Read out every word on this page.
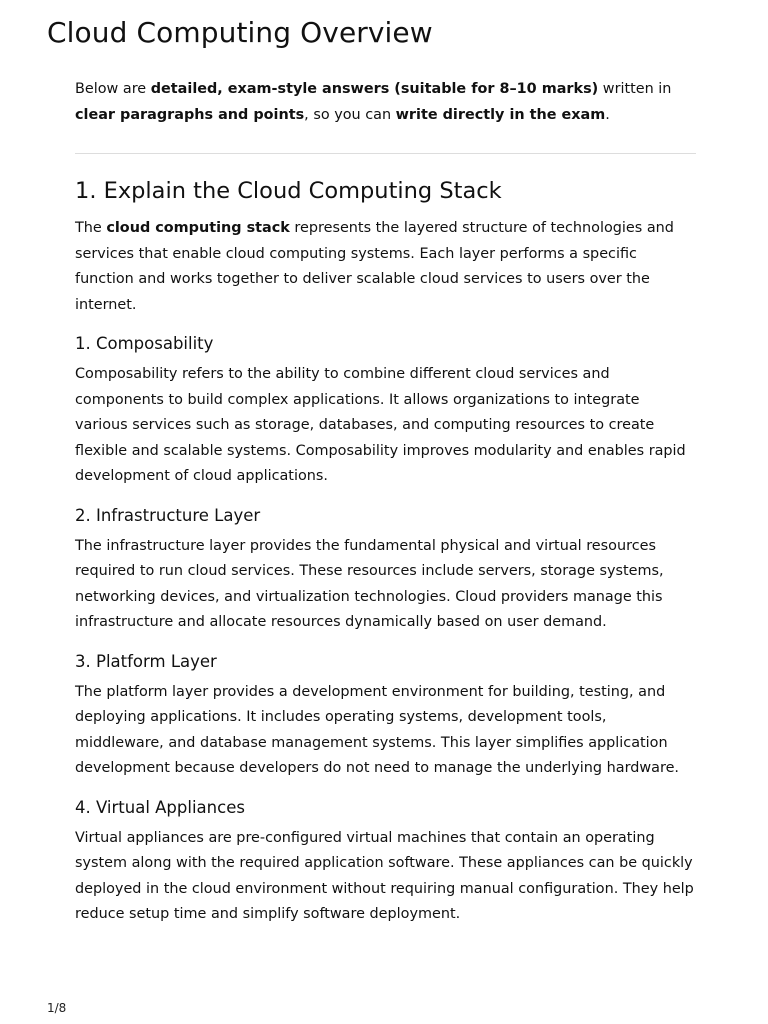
Cloud Computing Overview

Below are detailed, exam-style answers (suitable for 8–10 marks) written in clear paragraphs and points, so you can write directly in the exam.

1. Explain the Cloud Computing Stack

The cloud computing stack represents the layered structure of technologies and services that enable cloud computing systems. Each layer performs a specific function and works together to deliver scalable cloud services to users over the internet.

1. Composability

Composability refers to the ability to combine different cloud services and components to build complex applications. It allows organizations to integrate various services such as storage, databases, and computing resources to create flexible and scalable systems. Composability improves modularity and enables rapid development of cloud applications.

2. Infrastructure Layer

The infrastructure layer provides the fundamental physical and virtual resources required to run cloud services. These resources include servers, storage systems, networking devices, and virtualization technologies. Cloud providers manage this infrastructure and allocate resources dynamically based on user demand.

3. Platform Layer

The platform layer provides a development environment for building, testing, and deploying applications. It includes operating systems, development tools, middleware, and database management systems. This layer simplifies application development because developers do not need to manage the underlying hardware.

4. Virtual Appliances

Virtual appliances are pre-configured virtual machines that contain an operating system along with the required application software. These appliances can be quickly deployed in the cloud environment without requiring manual configuration. They help reduce setup time and simplify software deployment.

1/8
